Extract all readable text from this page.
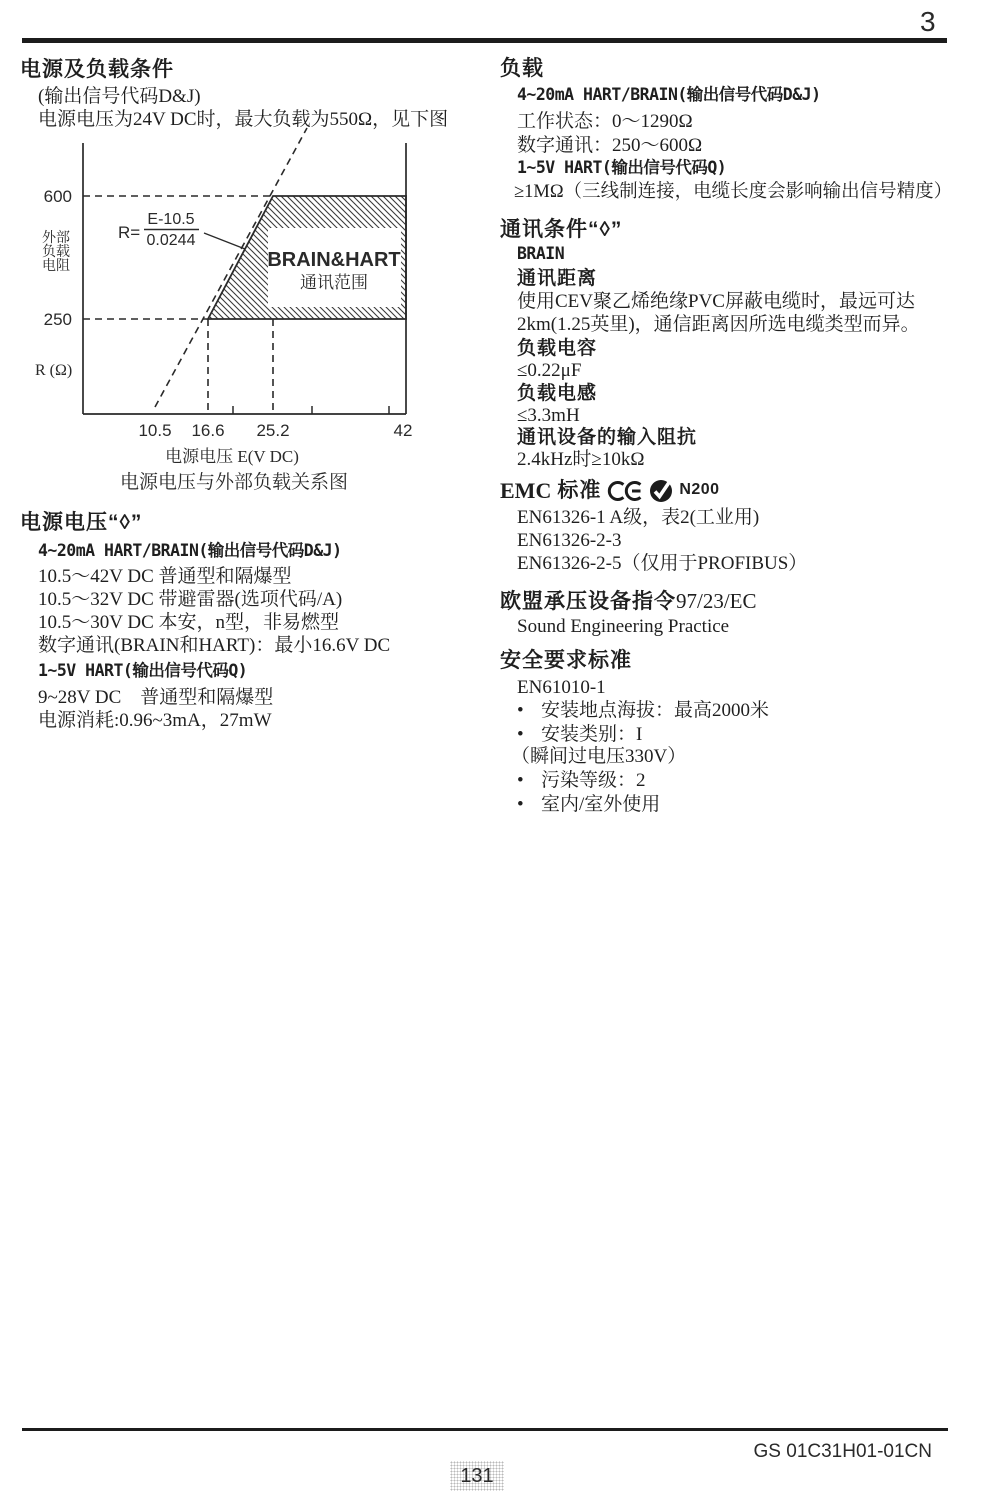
3
电源及负载条件
(输出信号代码D&J)
电源电压为24V DC时，最大负载为550Ω，见下图
BRAIN&HART
通讯范围
R=
E-10.5
0.0244
600
250
外部
负载
电阻
R (Ω)
10.5 16.6 25.2	42
电源电压 E(V DC)
电源电压与外部负载关系图
电源电压“◊”
4~20mA HART/BRAIN(输出信号代码D&J)
10.5～42V DC 普通型和隔爆型
10.5～32V DC 带避雷器(选项代码/A)
10.5～30V DC 本安，n型，非易燃型
数字通讯(BRAIN和HART)：最小16.6V DC
1~5V HART(输出信号代码Q)
9~28V DC　普通型和隔爆型
电源消耗:0.96~3mA，27mW
负载
4~20mA HART/BRAIN(输出信号代码D&J)
工作状态：0～1290Ω
数字通讯：250～600Ω
1~5V HART(输出信号代码Q)
≥1MΩ（三线制连接，电缆长度会影响输出信号精度）
通讯条件“◊”
BRAIN
通讯距离
使用CEV聚乙烯绝缘PVC屏蔽电缆时，最远可达
2km(1.25英里)，通信距离因所选电缆类型而异。
负载电容
≤0.22μF
负载电感
≤3.3mH
通讯设备的输入阻抗
2.4kHz时≥10kΩ
EMC 标准	N200
EN61326-1 A级，表2(工业用)
EN61326-2-3
EN61326-2-5（仅用于PROFIBUS）
欧盟承压设备指令97/23/EC
Sound Engineering Practice
安全要求标准
EN61010-1
• 安装地点海拔：最高2000米
• 安装类别：I
（瞬间过电压330V）
• 污染等级：2
• 室内/室外使用
GS 01C31H01-01CN
131
